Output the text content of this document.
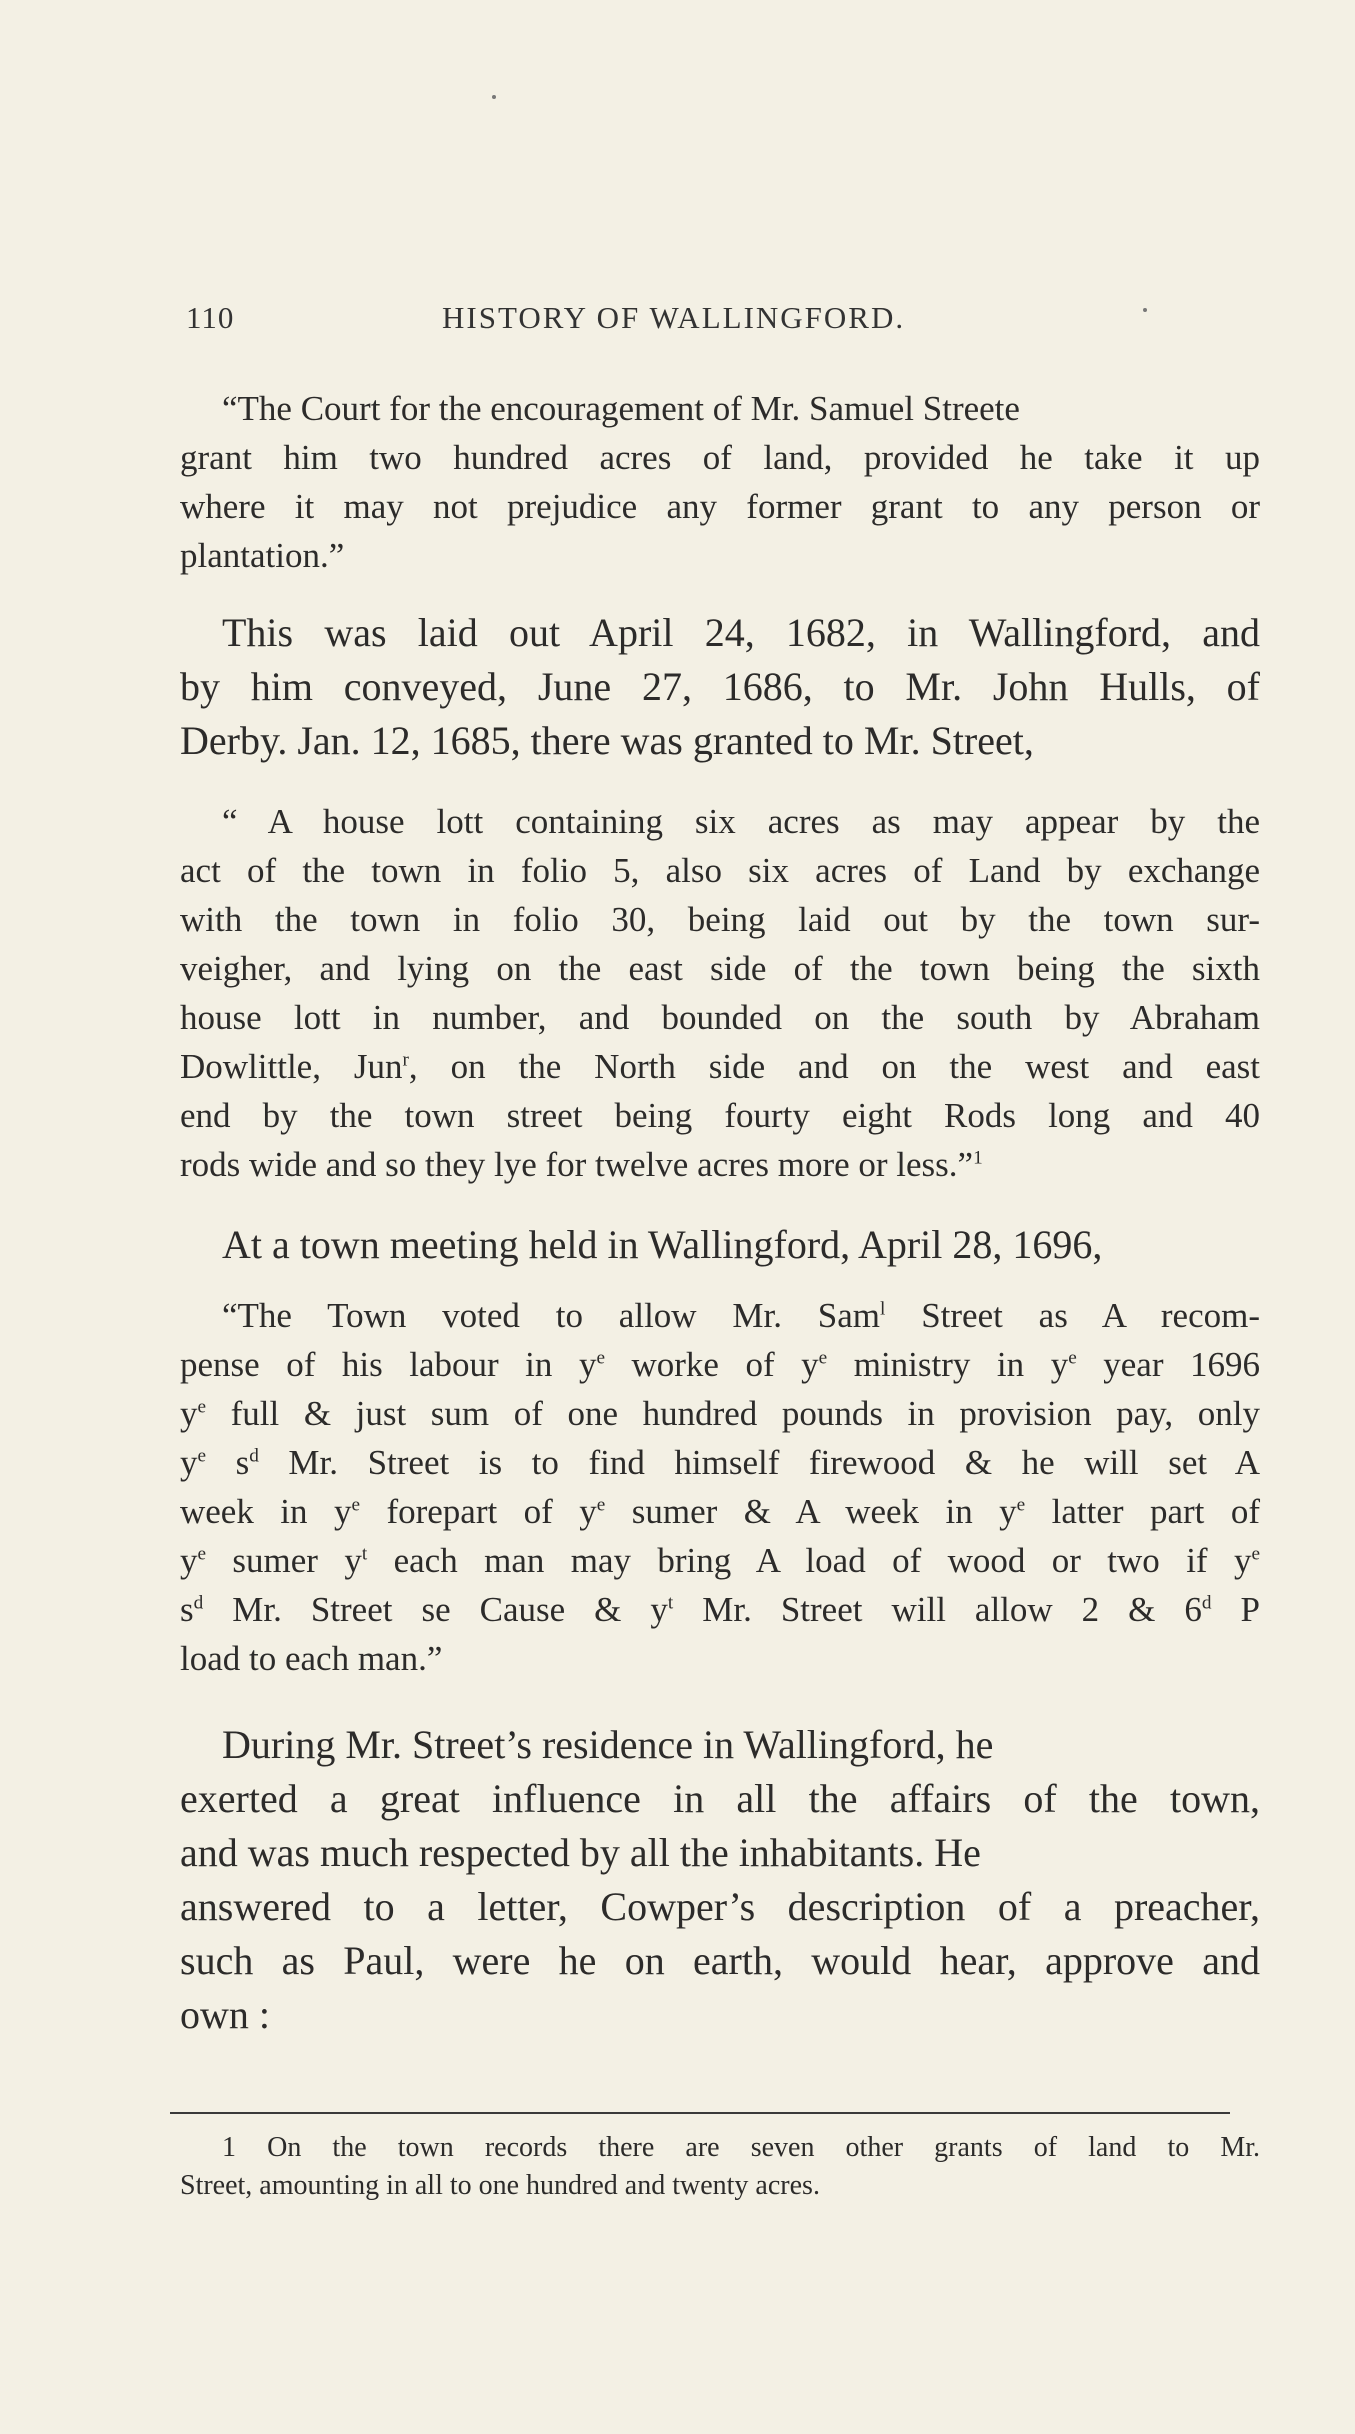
110	HISTORY OF WALLINGFORD.
“The Court for the encouragement of Mr. Samuel Streete
grant him two hundred acres of land, provided he take it up
where it may not prejudice any former grant to any person or
plantation.”
This was laid out April 24, 1682, in Wallingford, and
by him conveyed, June 27, 1686, to Mr. John Hulls, of
Derby. Jan. 12, 1685, there was granted to Mr. Street,
“ A house lott containing six acres as may appear by the
act of the town in folio 5, also six acres of Land by exchange
with the town in folio 30, being laid out by the town sur-
veigher, and lying on the east side of the town being the sixth
house lott in number, and bounded on the south by Abraham
Dowlittle, Jun$^r$, on the North side and on the west and east
end by the town street being fourty eight Rods long and 40
rods wide and so they lye for twelve acres more or less.”$^1$
At a town meeting held in Wallingford, April 28, 1696,
“The Town voted to allow Mr. Sam$^l$ Street as A recom-
pense of his labour in $y^e$ worke of $y^e$ ministry in $y^e$ year 1696
$y^e$ full & just sum of one hundred pounds in provision pay, only
$y^e$ $s^d$ Mr. Street is to find himself firewood & he will set A
week in $y^e$ forepart of $y^e$ sumer & A week in $y^e$ latter part of
$y^e$ sumer $y^t$ each man may bring A load of wood or two if $y^e$
$s^d$ Mr. Street se Cause & $y^t$ Mr. Street will allow 2 & 6$^d$ P
load to each man.”
During Mr. Street’s residence in Wallingford, he
exerted a great influence in all the affairs of the town,
and was much respected by all the inhabitants. He
answered to a letter, Cowper’s description of a preacher,
such as Paul, were he on earth, would hear, approve and
own :
1 On the town records there are seven other grants of land to Mr.
Street, amounting in all to one hundred and twenty acres.
